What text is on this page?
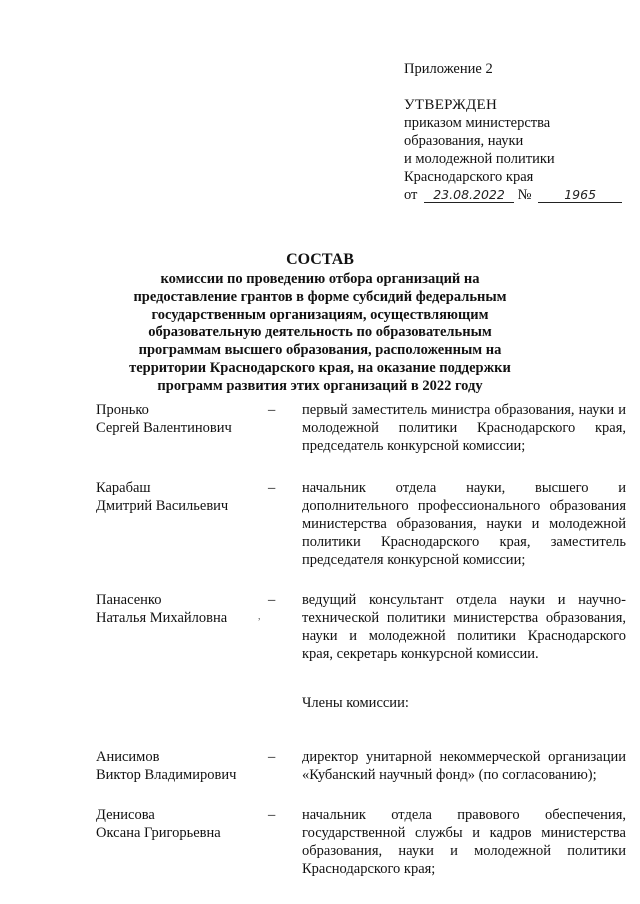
Приложение 2
УТВЕРЖДЕН
приказом министерства
образования, науки
и молодежной политики
Краснодарского края
от 23.08.2022 №	1965
СОСТАВ
комиссии по проведению отбора организаций на
предоставление грантов в форме субсидий федеральным
государственным организациям, осуществляющим
образовательную деятельность по образовательным
программам высшего образования, расположенным на
территории Краснодарского края, на оказание поддержки
программ развития этих организаций в 2022 году
Пронько
Сергей Валентинович
–	первый заместитель министра образования, науки и молодежной политики Краснодарского края, председатель конкурсной комиссии;
Карабаш
Дмитрий Васильевич
–	начальник отдела науки, высшего и дополнительного профессионального образования министерства образования, науки и молодежной политики Краснодарского края, заместитель председателя конкурсной комиссии;
Панасенко
Наталья Михайловна
–	ведущий консультант отдела науки и научно-технической политики министерства образования, науки и молодежной политики Краснодарского края, секретарь конкурсной комиссии.
Члены комиссии:
Анисимов
Виктор Владимирович
–	директор унитарной некоммерческой организации «Кубанский научный фонд» (по согласованию);
Денисова
Оксана Григорьевна
–	начальник отдела правового обеспечения, государственной службы и кадров министерства образования, науки и молодежной политики Краснодарского края;
,
